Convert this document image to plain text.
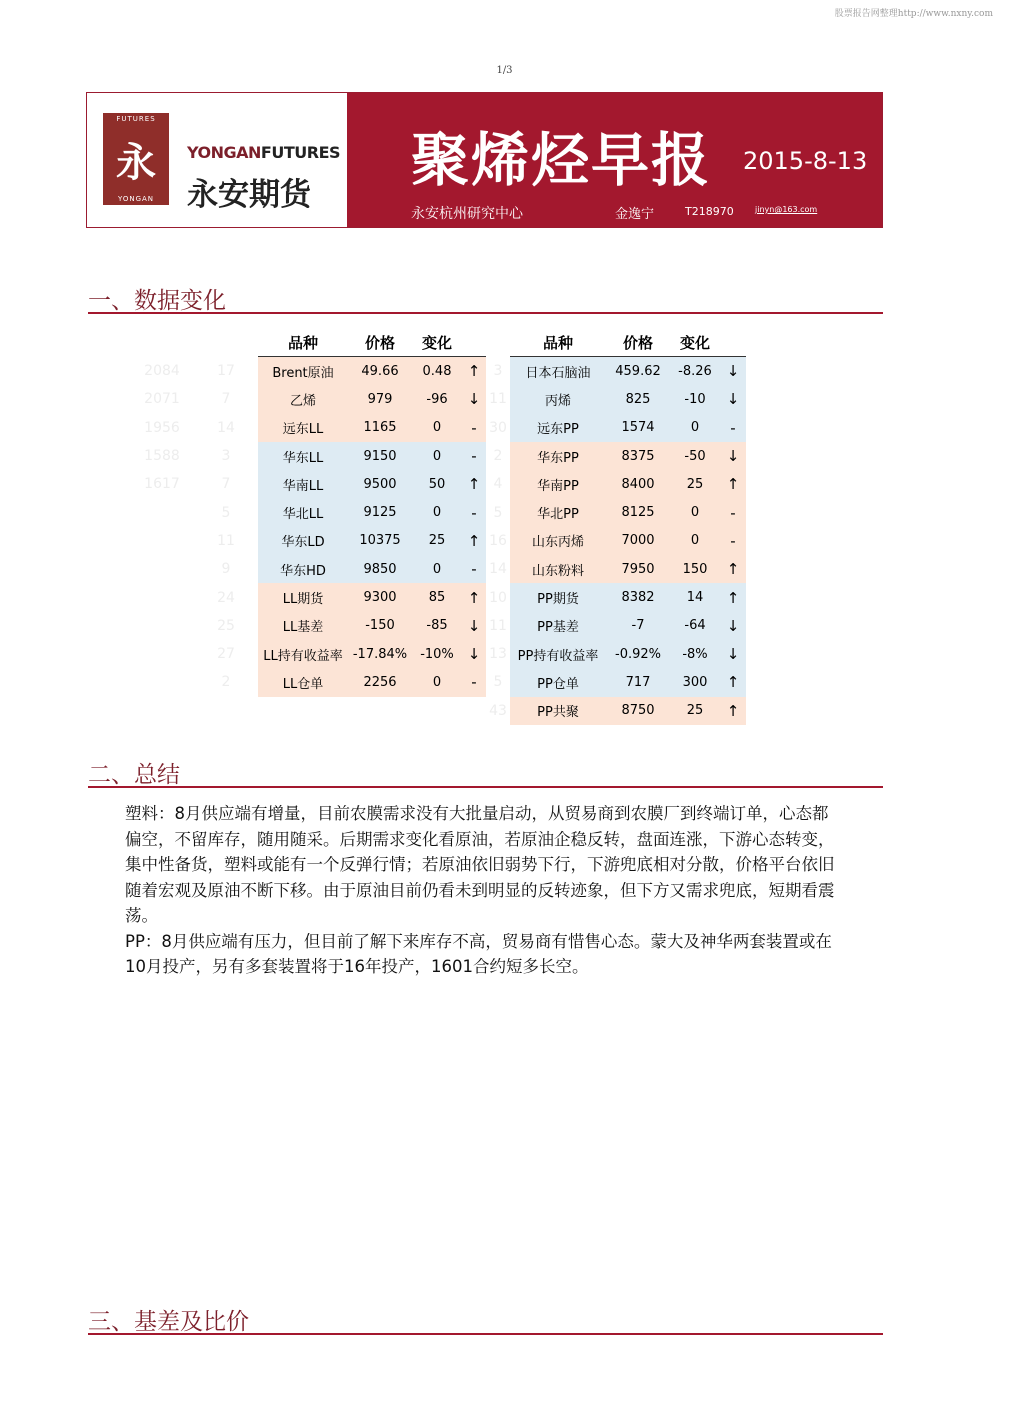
股票报告网整理http://www.nxny.com
1/3
FUTURES
永
YONGAN
YONGANFUTURES
永安期货
聚烯烃早报 2015-8-13
永安杭州研究中心	金逸宁	T218970	jinyn@163.com
一、数据变化
		品种	价格	变化	
2084	17	Brent原油	49.66	0.48	↑
2071	7	乙烯	979	-96	↓
1956	14	远东LL	1165	0	-
1588	3	华东LL	9150	0	-
1617	7	华南LL	9500	50	↑
	5	华北LL	9125	0	-
	11	华东LD	10375	25	↑
	9	华东HD	9850	0	-
	24	LL期货	9300	85	↑
	25	LL基差	-150	-85	↓
	27	LL持有收益率	-17.84%	-10%	↓
	2	LL仓单	2256	0	-
	品种	价格	变化	
3	日本石脑油	459.62	-8.26	↓
11	丙烯	825	-10	↓
30	远东PP	1574	0	-
2	华东PP	8375	-50	↓
4	华南PP	8400	25	↑
5	华北PP	8125	0	-
16	山东丙烯	7000	0	-
14	山东粉料	7950	150	↑
10	PP期货	8382	14	↑
11	PP基差	-7	-64	↓
13	PP持有收益率	-0.92%	-8%	↓
5	PP仓单	717	300	↑
43	PP共聚	8750	25	↑
二、总结

塑料：8月供应端有增量，目前农膜需求没有大批量启动，从贸易商到农膜厂到终端订单，心态都偏空，不留库存，随用随采。后期需求变化看原油，若原油企稳反转，盘面连涨，下游心态转变，集中性备货，塑料或能有一个反弹行情；若原油依旧弱势下行，下游兜底相对分散，价格平台依旧随着宏观及原油不断下移。由于原油目前仍看未到明显的反转迹象，但下方又需求兜底，短期看震荡。

PP：8月供应端有压力，但目前了解下来库存不高，贸易商有惜售心态。蒙大及神华两套装置或在10月投产，另有多套装置将于16年投产，1601合约短多长空。

三、基差及比价
